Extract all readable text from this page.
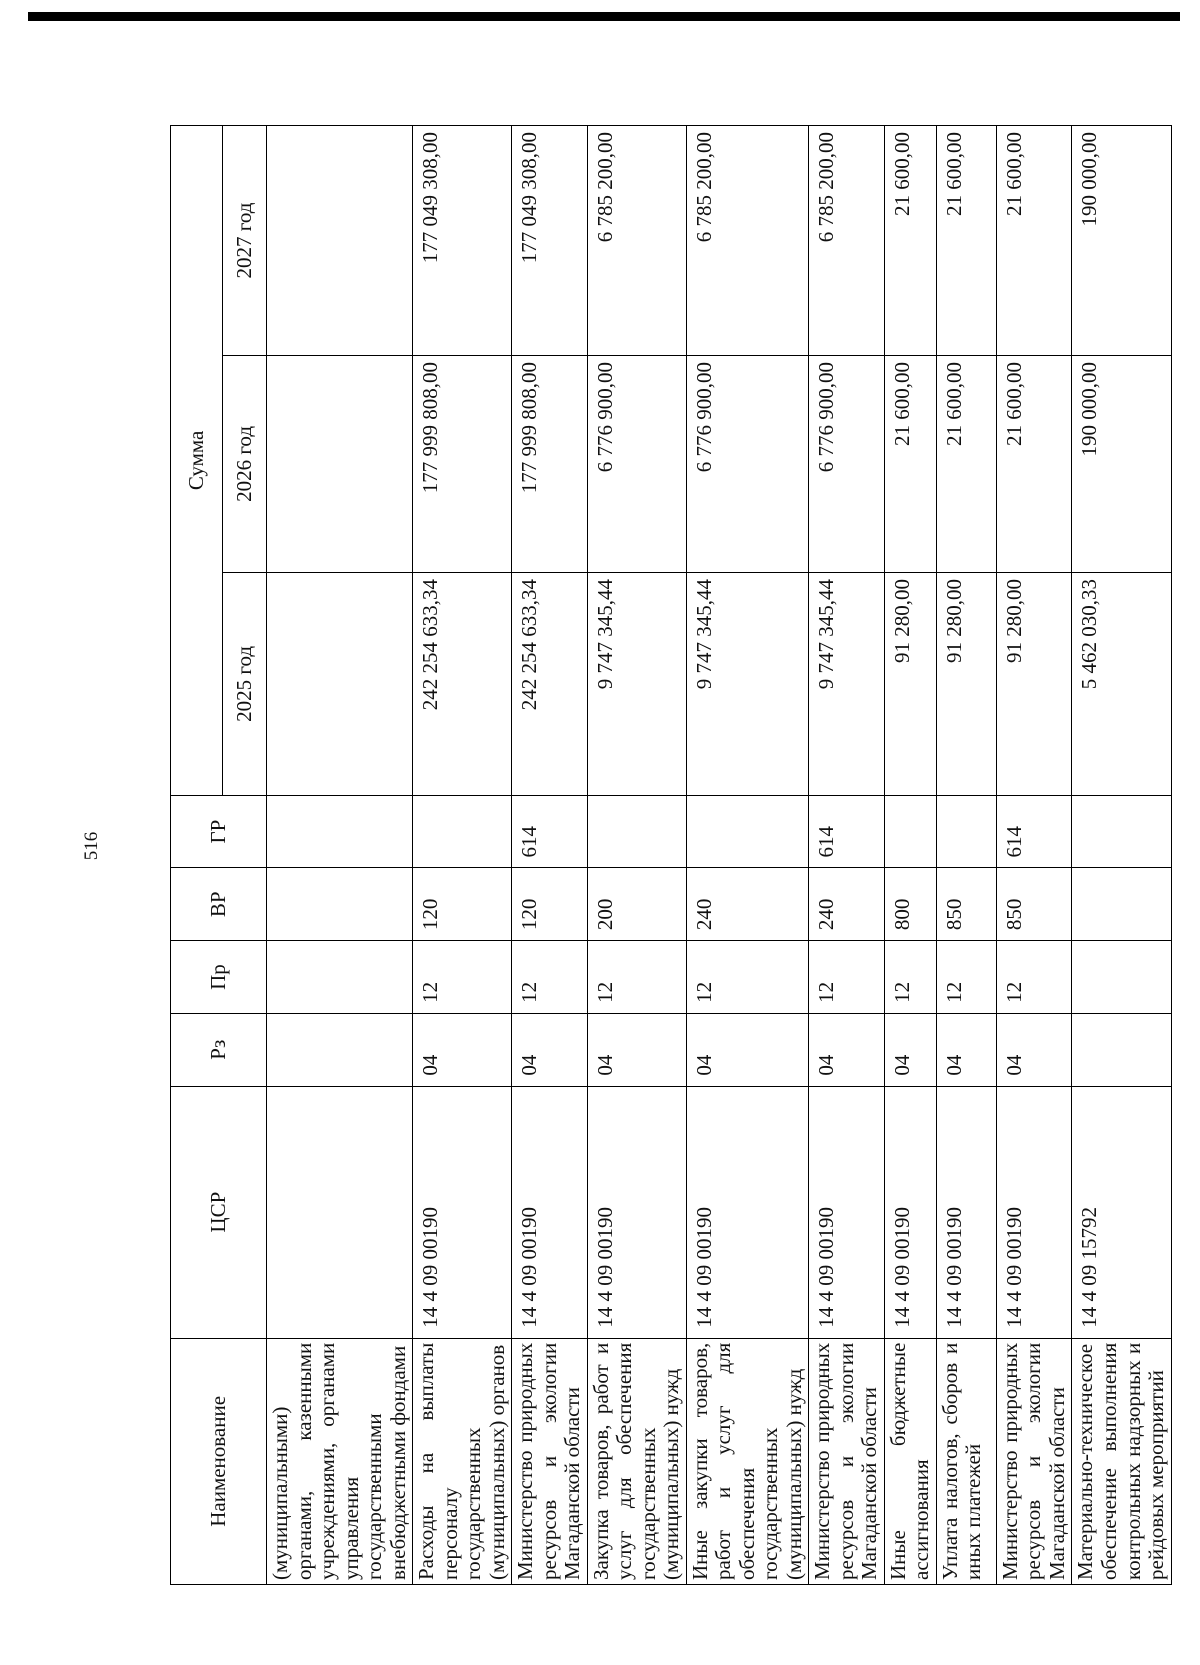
516
Наименование	ЦСР	Рз	Пр	ВР	ГР	Сумма		
						2025 год	2026 год	2027 год
(муниципальными) органами, казенными учреждениями, органами управления государственными внебюджетными фондами								
Расходы на выплаты персоналу государственных (муниципальных) органов	14 4 09 00190	04	12	120		242 254 633,34	177 999 808,00	177 049 308,00
Министерство природных ресурсов и экологии Магаданской области	14 4 09 00190	04	12	120	614	242 254 633,34	177 999 808,00	177 049 308,00
Закупка товаров, работ и услуг для обеспечения государственных (муниципальных) нужд	14 4 09 00190	04	12	200		9 747 345,44	6 776 900,00	6 785 200,00
Иные закупки товаров, работ и услуг для обеспечения государственных (муниципальных) нужд	14 4 09 00190	04	12	240		9 747 345,44	6 776 900,00	6 785 200,00
Министерство природных ресурсов и экологии Магаданской области	14 4 09 00190	04	12	240	614	9 747 345,44	6 776 900,00	6 785 200,00
Иные бюджетные ассигнования	14 4 09 00190	04	12	800		91 280,00	21 600,00	21 600,00
Уплата налогов, сборов и иных платежей	14 4 09 00190	04	12	850		91 280,00	21 600,00	21 600,00
Министерство природных ресурсов и экологии Магаданской области	14 4 09 00190	04	12	850	614	91 280,00	21 600,00	21 600,00
Материально-техническое обеспечение выполнения контрольных надзорных и рейдовых мероприятий	14 4 09 15792					5 462 030,33	190 000,00	190 000,00
